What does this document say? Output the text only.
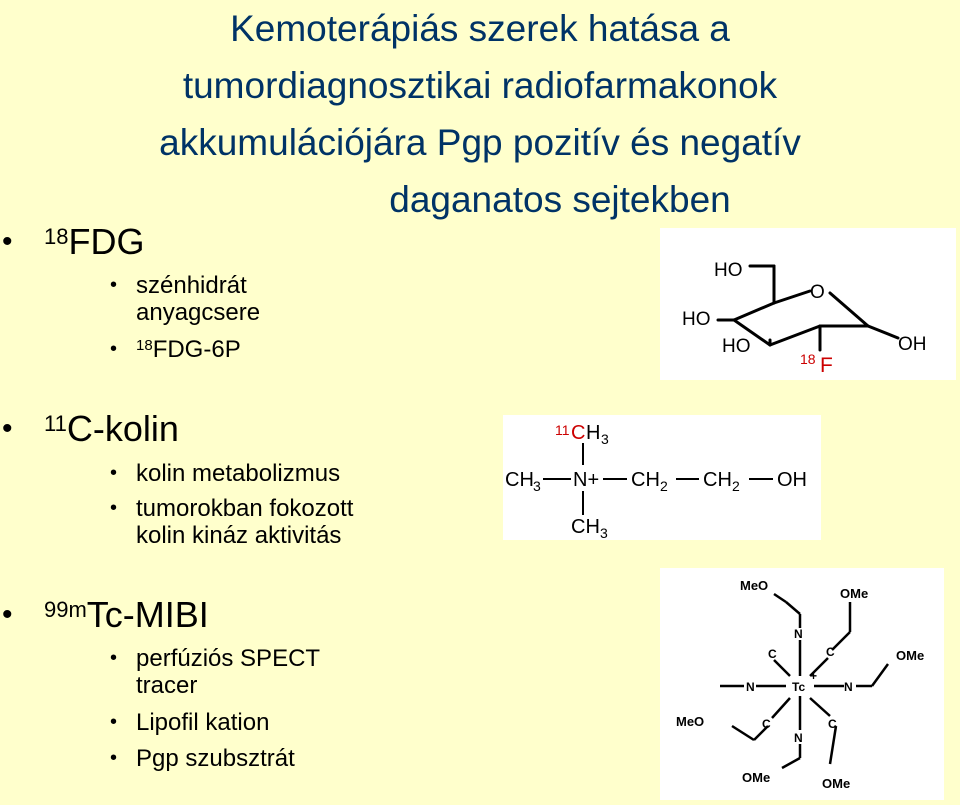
Kemoterápiás szerek hatása a
tumordiagnosztikai radiofarmakonok
akkumulációjára Pgp pozitív és negatív
daganatos sejtekben
• $^{18}$FDG
• szénhidrát
anyagcsere
• $^{18}$FDG-6P
• $^{11}$C-kolin
• kolin metabolizmus
• tumorokban fokozott
kolin kináz aktivitás
• $^{99m}$Tc-MIBI
• perfúziós SPECT
tracer
• Lipofil kation
• Pgp szubsztrát
HO
O
HO
HO	OH
18 F
11 C H 3
CH 3 N+ CH 2 CH 2 OH
CH 3
MeO
OMe
OMe
MeO
OMe	OMe
N
N
N	N
C	C
C	C
Tc
+
